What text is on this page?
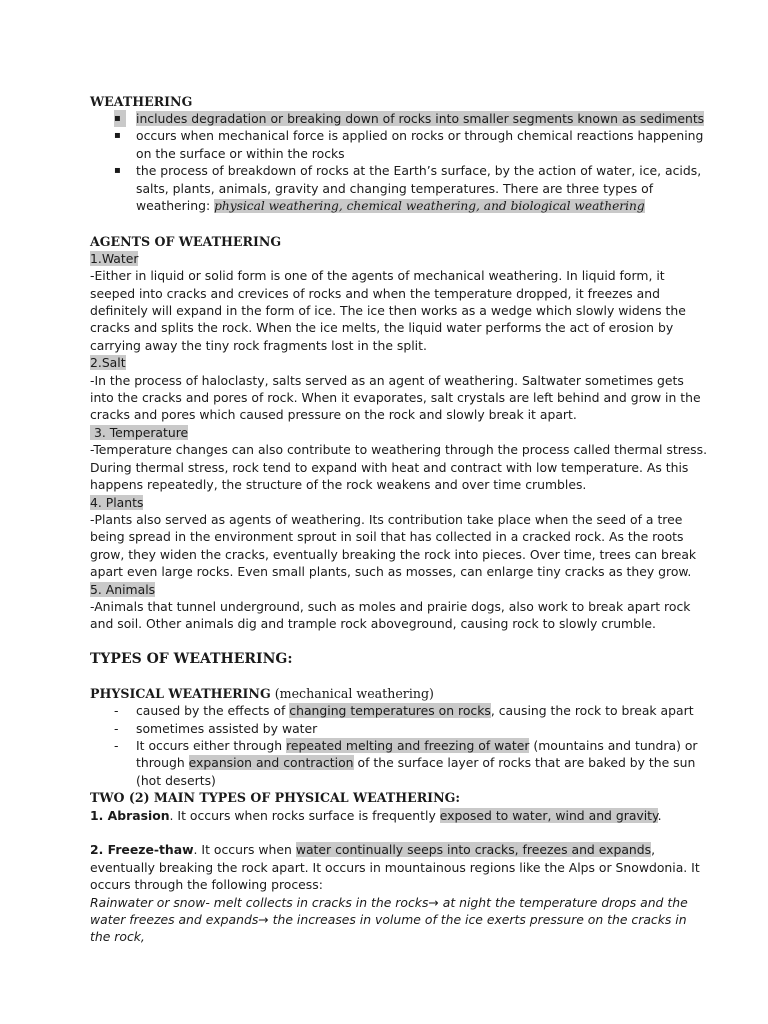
WEATHERING
▪	includes degradation or breaking down of rocks into smaller segments known as sediments
▪	occurs when mechanical force is applied on rocks or through chemical reactions happening on the surface or within the rocks
▪	the process of breakdown of rocks at the Earth’s surface, by the action of water, ice, acids, salts, plants, animals, gravity and changing temperatures. There are three types of weathering: physical weathering, chemical weathering, and biological weathering
AGENTS OF WEATHERING

1.Water

-Either in liquid or solid form is one of the agents of mechanical weathering. In liquid form, it seeped into cracks and crevices of rocks and when the temperature dropped, it freezes and definitely will expand in the form of ice. The ice then works as a wedge which slowly widens the cracks and splits the rock. When the ice melts, the liquid water performs the act of erosion by carrying away the tiny rock fragments lost in the split.

2.Salt

-In the process of haloclasty, salts served as an agent of weathering. Saltwater sometimes gets into the cracks and pores of rock. When it evaporates, salt crystals are left behind and grow in the cracks and pores which caused pressure on the rock and slowly break it apart.

3. Temperature

-Temperature changes can also contribute to weathering through the process called thermal stress. During thermal stress, rock tend to expand with heat and contract with low temperature. As this happens repeatedly, the structure of the rock weakens and over time crumbles.

4. Plants

-Plants also served as agents of weathering. Its contribution take place when the seed of a tree being spread in the environment sprout in soil that has collected in a cracked rock. As the roots grow, they widen the cracks, eventually breaking the rock into pieces. Over time, trees can break apart even large rocks. Even small plants, such as mosses, can enlarge tiny cracks as they grow.

5. Animals

-Animals that tunnel underground, such as moles and prairie dogs, also work to break apart rock and soil. Other animals dig and trample rock aboveground, causing rock to slowly crumble.

TYPES OF WEATHERING:

PHYSICAL WEATHERING (mechanical weathering)

- caused by the effects of changing temperatures on rocks, causing the rock to break apart
- sometimes assisted by water
- It occurs either through repeated melting and freezing of water (mountains and tundra) or through expansion and contraction of the surface layer of rocks that are baked by the sun (hot deserts)

TWO (2) MAIN TYPES OF PHYSICAL WEATHERING:

1. Abrasion. It occurs when rocks surface is frequently exposed to water, wind and gravity.

2. Freeze-thaw. It occurs when water continually seeps into cracks, freezes and expands, eventually breaking the rock apart. It occurs in mountainous regions like the Alps or Snowdonia. It occurs through the following process:

Rainwater or snow- melt collects in cracks in the rocks→ at night the temperature drops and the water freezes and expands→ the increases in volume of the ice exerts pressure on the cracks in the rock,
